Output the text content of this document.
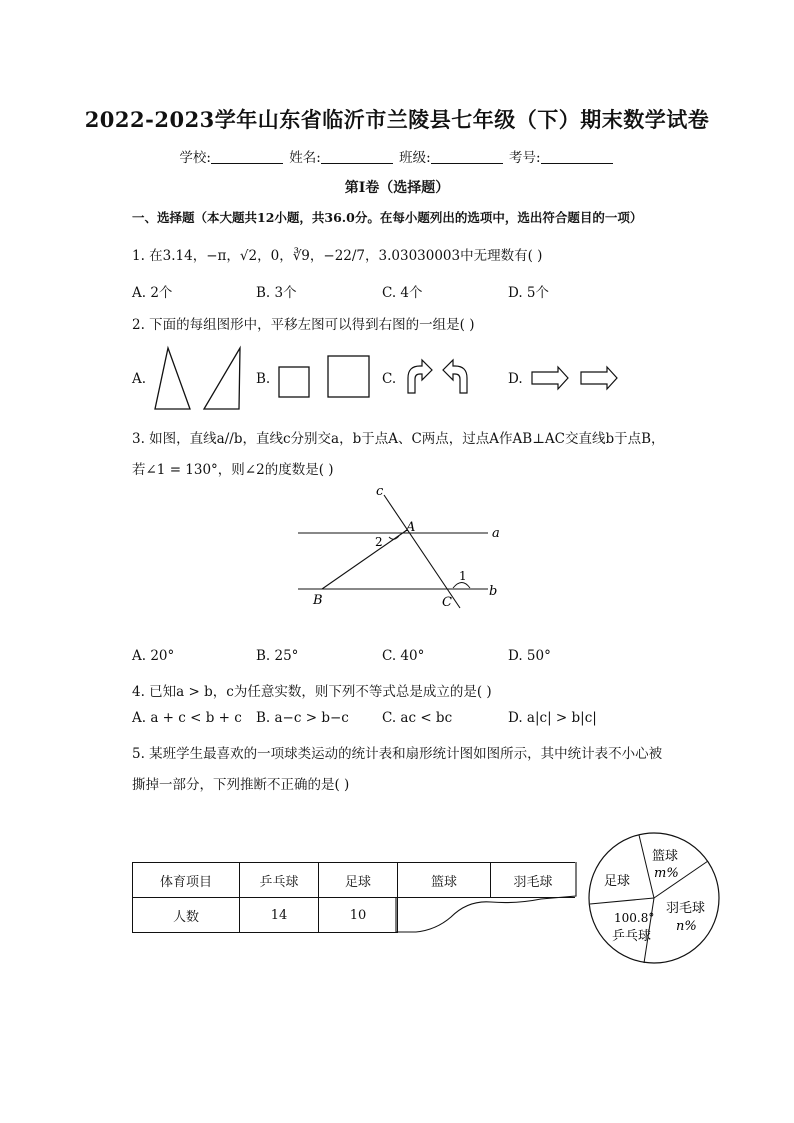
2022-2023学年山东省临沂市兰陵县七年级（下）期末数学试卷
学校:	姓名:	班级:	考号:
第I卷（选择题）
一、选择题（本大题共12小题，共36.0分。在每小题列出的选项中，选出符合题目的一项）
1. 在3.14，−π，√2，0，∛9，−22/7，3.03030003中无理数有( )
A. 2个	B. 3个	C. 4个	D. 5个
2. 下面的每组图形中，平移左图可以得到右图的一组是( )
A.	B.	C.	D.
3. 如图，直线a//b，直线c分别交a，b于点A、C两点，过点A作AB⊥AC交直线b于点B，
若∠1 = 130°，则∠2的度数是( )
c
A	a
2
1
B	C
b
A. 20°	B. 25°	C. 40°	D. 50°
4. 已知a > b，c为任意实数，则下列不等式总是成立的是( )
A. a + c < b + c B. a−c > b−c C. ac < bc	D. a|c| > b|c|
5. 某班学生最喜欢的一项球类运动的统计表和扇形统计图如图所示，其中统计表不小心被
撕掉一部分，下列推断不正确的是( )
体育项目	乒乓球	足球	篮球	羽毛球
人数	14	10		
足球
篮球
m%
羽毛球
n%
100.8°
乒乓球
